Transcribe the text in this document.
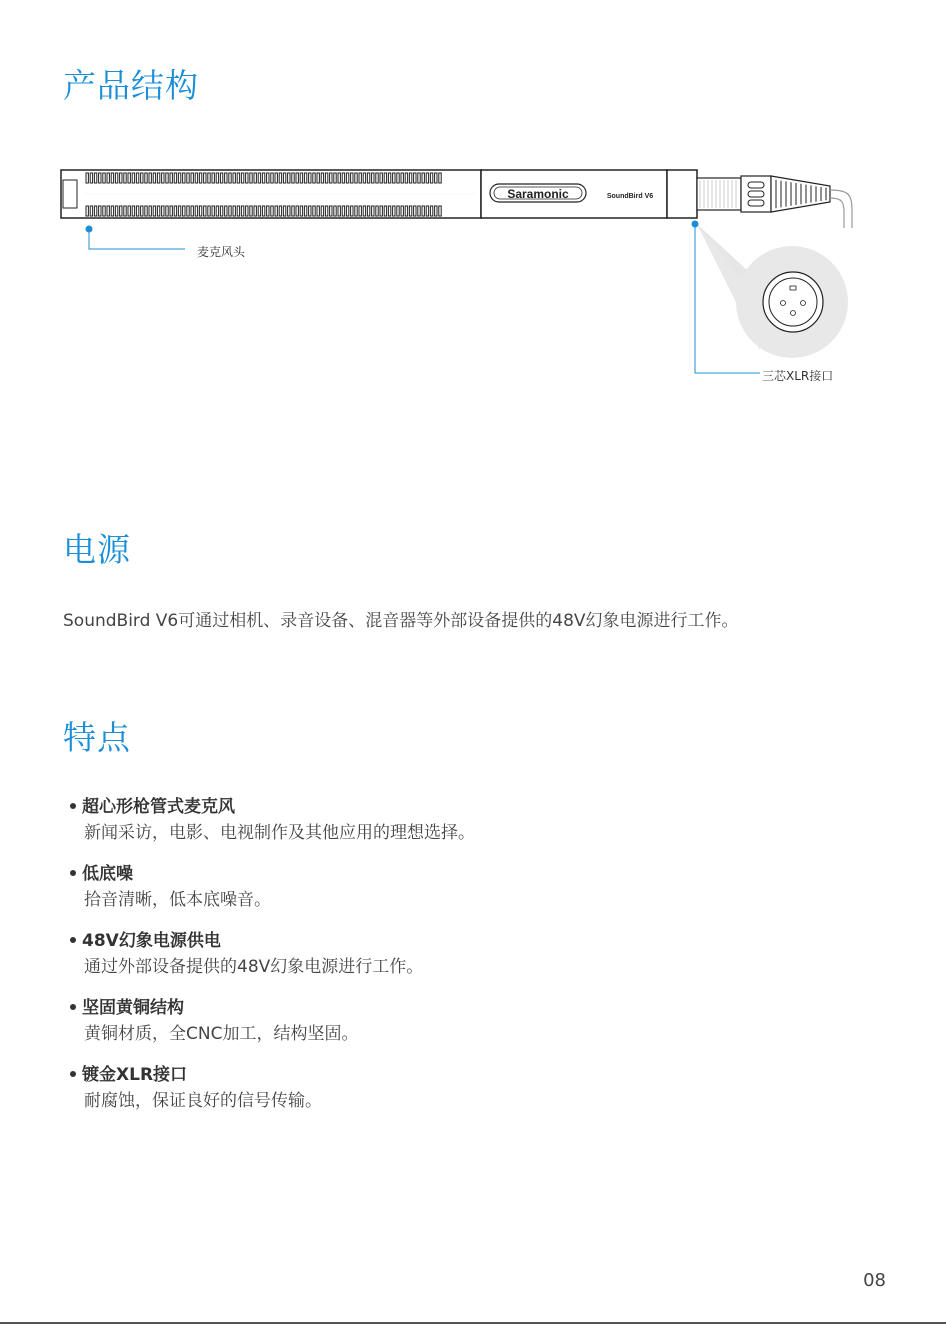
产品结构
Saramonic	SoundBird V6
麦克风头
三芯XLR接口
电源

SoundBird V6可通过相机、录音设备、混音器等外部设备提供的48V幻象电源进行工作。

特点
超心形枪管式麦克风
新闻采访，电影、电视制作及其他应用的理想选择。
低底噪
拾音清晰，低本底噪音。
48V幻象电源供电
通过外部设备提供的48V幻象电源进行工作。
坚固黄铜结构
黄铜材质，全CNC加工，结构坚固。
镀金XLR接口
耐腐蚀，保证良好的信号传输。
08
